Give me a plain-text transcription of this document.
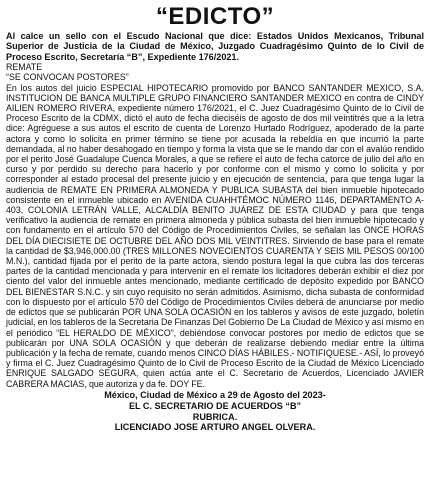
“EDICTO”

Al calce un sello con el Escudo Nacional que dice: Estados Unidos Mexicanos, Tribunal Superior de Justicia de la Ciudad de México, Juzgado Cuadragésimo Quinto de lo Civil de Proceso Escrito, Secretaría “B”, Expediente 176/2021.

REMATE

“SE CONVOCAN POSTORES”

En los autos del juicio ESPECIAL HIPOTECARIO promovido por BANCO SANTANDER MEXICO, S.A. INSTITUCION DE BANCA MULTIPLE GRUPO FINANCIERO SANTANDER MEXICO en contra de CINDY AILIEN ROMERO RIVERA, expediente número 176/2021, el C. Juez Cuadragésimo Quinto de lo Civil de Proceso Escrito de la CDMX, dictó el auto de fecha dieciséis de agosto de dos mil veintitrés que a la letra dice: Agréguese a sus autos el escrito de cuenta de Lorenzo Hurtado Rodríguez, apoderado de la parte actora y como lo solicita en primer término se tiene por acusada la rebeldía en que incurrió la parte demandada, al no haber desahogado en tiempo y forma la vista que se le mando dar con el avalúo rendido por el perito José Guadalupe Cuenca Morales, a que se refiere el auto de fecha catorce de julio del año en curso y por perdido su derecho para hacerlo y por conforme con el mismo y como lo solicita y por corresponder al estado procesal del presente juicio y en ejecución de sentencia, para que tenga lugar la audiencia de REMATE EN PRIMERA ALMONEDA Y PUBLICA SUBASTA del bien inmueble hipotecado consistente en el inmueble ubicado en AVENIDA CUAHHTÉMOC NÚMERO 1146, DEPARTAMENTO A-403, COLONIA LETRÁN VALLE, ALCALDÍA BENITO JUÁREZ DE ESTA CIUDAD y para que tenga verificativo la audiencia de remate en primera almoneda y pública subasta del bien inmueble hipotecado y con fundamento en el artículo 570 del Código de Procedimientos Civiles, se señalan las ONCE HORAS DEL DÍA DIECISIETE DE OCTUBRE DEL AÑO DOS MIL VEINTITRES. Sirviendo de base para el remate la cantidad de $3,946,000.00 (TRES MILLONES NOVECIENTOS CUARENTA Y SEIS MIL PESOS 00/100 M.N.), cantidad fijada por el perito de la parte actora, siendo postura legal la que cubra las dos terceras partes de la cantidad mencionada y para intervenir en el remate los licitadores deberán exhibir el diez por ciento del valor del inmueble antes mencionado, mediante certificado de depósito expedido por BANCO DEL BIENESTAR S.N.C. y sin cuyo requisito no serán admitidos. Asimismo, dicha subasta de conformidad con lo dispuesto por el artículo 570 del Código de Procedimientos Civiles deberá de anunciarse por medio de edictos que se publicarán POR UNA SOLA OCASIÓN en los tableros y avisos de este juzgado, boletín judicial, en los tableros de la Secretaria De Finanzas Del Gobierno De La Ciudad de México y así mismo en el periódico “EL HERALDO DE MÉXICO”, debiéndose convocar postores por medio de edictos que se publicarán por UNA SOLA OCASIÓN y que deberán de realizarse debiendo mediar entre la última publicación y la fecha de remate, cuando menos CINCO DÍAS HÁBILES.- NOTIFIQUESE.- ASÍ, lo proveyó y firma el C. Juez Cuadragésimo Quinto de lo Civil de Proceso Escrito de la Ciudad de México Licenciado ENRIQUE SALGADO SEGURA, quien actúa ante el C. Secretario de Acuerdos, Licenciado JAVIER CABRERA MACIAS, que autoriza y da fe. DOY FE.

México, Ciudad de México a 29 de Agosto del 2023-
EL C. SECRETARIO DE ACUERDOS “B”
RUBRICA.
LICENCIADO JOSE ARTURO ANGEL OLVERA.
